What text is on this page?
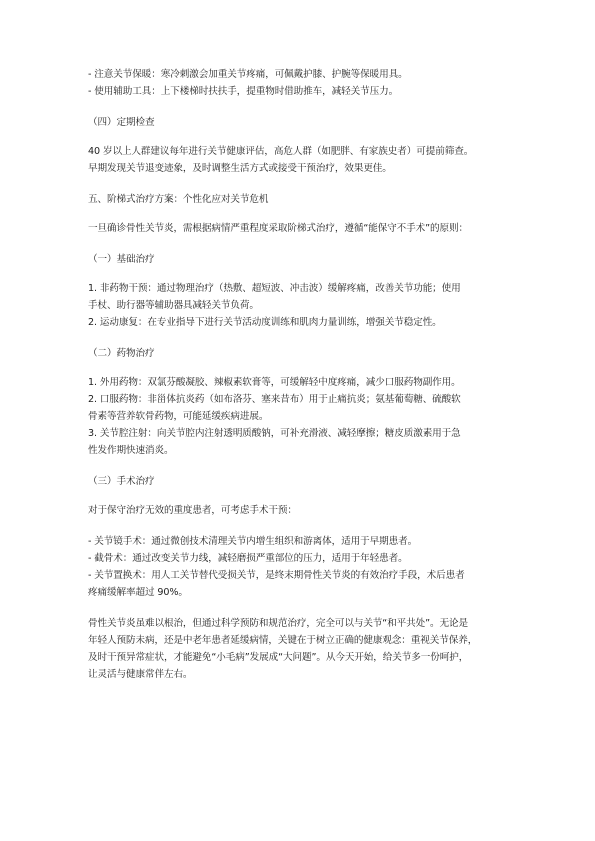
- 注意关节保暖：寒冷刺激会加重关节疼痛，可佩戴护膝、护腕等保暖用具。
- 使用辅助工具：上下楼梯时扶扶手，提重物时借助推车，减轻关节压力。

（四）定期检查

40 岁以上人群建议每年进行关节健康评估，高危人群（如肥胖、有家族史者）可提前筛查。
早期发现关节退变迹象，及时调整生活方式或接受干预治疗，效果更佳。

五、阶梯式治疗方案：个性化应对关节危机

一旦确诊骨性关节炎，需根据病情严重程度采取阶梯式治疗，遵循“能保守不手术”的原则：

（一）基础治疗

1. 非药物干预：通过物理治疗（热敷、超短波、冲击波）缓解疼痛，改善关节功能；使用
手杖、助行器等辅助器具减轻关节负荷。
2. 运动康复：在专业指导下进行关节活动度训练和肌肉力量训练，增强关节稳定性。

（二）药物治疗

1. 外用药物：双氯芬酸凝胶、辣椒素软膏等，可缓解轻中度疼痛，减少口服药物副作用。
2. 口服药物：非甾体抗炎药（如布洛芬、塞来昔布）用于止痛抗炎；氨基葡萄糖、硫酸软
骨素等营养软骨药物，可能延缓疾病进展。
3. 关节腔注射：向关节腔内注射透明质酸钠，可补充滑液、减轻摩擦；糖皮质激素用于急
性发作期快速消炎。

（三）手术治疗

对于保守治疗无效的重度患者，可考虑手术干预：

- 关节镜手术：通过微创技术清理关节内增生组织和游离体，适用于早期患者。
- 截骨术：通过改变关节力线，减轻磨损严重部位的压力，适用于年轻患者。
- 关节置换术：用人工关节替代受损关节，是终末期骨性关节炎的有效治疗手段，术后患者
疼痛缓解率超过 90%。

骨性关节炎虽难以根治，但通过科学预防和规范治疗，完全可以与关节“和平共处”。无论是
年轻人预防未病，还是中老年患者延缓病情，关键在于树立正确的健康观念：重视关节保养，
及时干预异常症状，才能避免“小毛病”发展成“大问题”。从今天开始，给关节多一份呵护，
让灵活与健康常伴左右。
